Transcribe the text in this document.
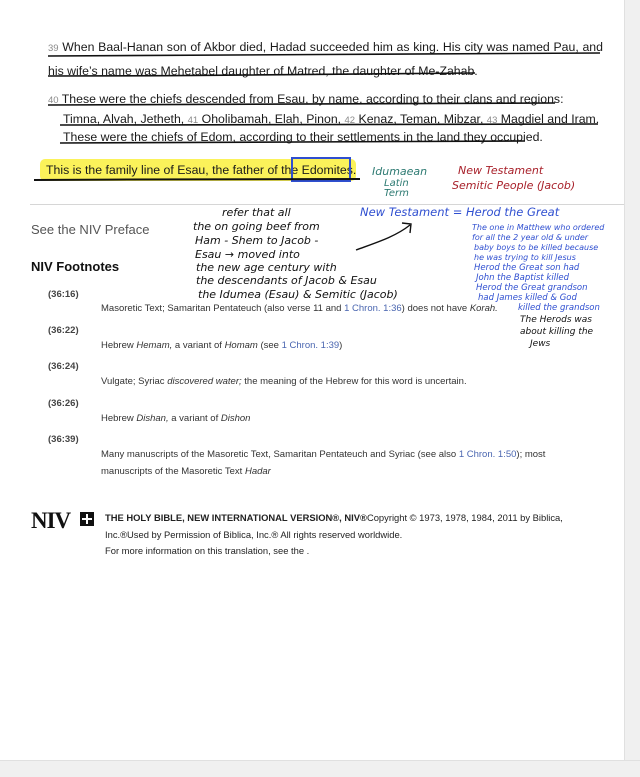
39 When Baal-Hanan son of Akbor died, Hadad succeeded him as king. His city was named Pau, and his wife’s name was Mehetabel daughter of Matred, the daughter of Me-Zahab.
40 These were the chiefs descended from Esau, by name, according to their clans and regions:
Timna, Alvah, Jetheth, 41 Oholibamah, Elah, Pinon, 42 Kenaz, Teman, Mibzar, 43 Magdiel and Iram.
These were the chiefs of Edom, according to their settlements in the land they occupied.
This is the family line of Esau, the father of the Edomites.
See the NIV Preface
NIV Footnotes
(36:16)
Masoretic Text; Samaritan Pentateuch (also verse 11 and 1 Chron. 1:36) does not have Korah.
(36:22)
Hebrew Hemam, a variant of Homam (see 1 Chron. 1:39)
(36:24)
Vulgate; Syriac discovered water; the meaning of the Hebrew for this word is uncertain.
(36:26)
Hebrew Dishan, a variant of Dishon
(36:39)
Many manuscripts of the Masoretic Text, Samaritan Pentateuch and Syriac (see also 1 Chron. 1:50); most manuscripts of the Masoretic Text Hadar
NIV	THE HOLY BIBLE, NEW INTERNATIONAL VERSION®, NIV®Copyright © 1973, 1978, 1984, 2011 by Biblica, Inc.®Used by Permission of Biblica, Inc.® All rights reserved worldwide.
For more information on this translation, see the .
Idumaean
Latin
Term
New Testament
Semitic People (Jacob)
refer that all
the on going beef from
Ham - Shem to Jacob -
Esau → moved into
the new age century with
the descendants of Jacob & Esau
the Idumea (Esau) & Semitic (Jacob)
New Testament = Herod the Great
The one in Matthew who ordered
for all the 2 year old & under
baby boys to be killed because
he was trying to kill Jesus
Herod the Great son had
John the Baptist killed
Herod the Great grandson
had James killed & God
killed the grandson
The Herods was
about killing the
Jews
